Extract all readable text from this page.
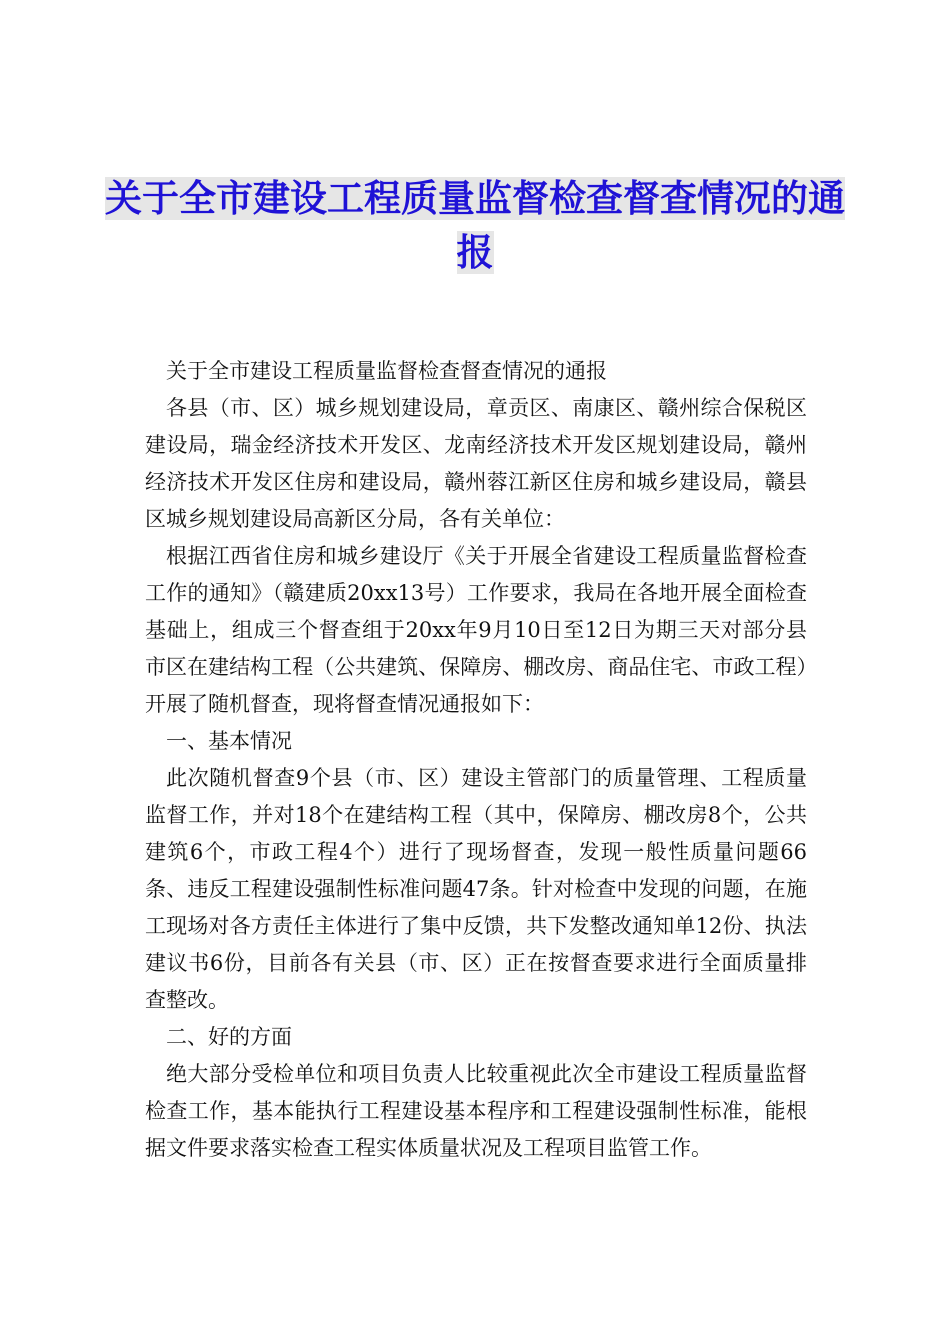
关于全市建设工程质量监督检查督查情况的通报

关于全市建设工程质量监督检查督查情况的通报

各县（市、区）城乡规划建设局，章贡区、南康区、赣州综合保税区建设局，瑞金经济技术开发区、龙南经济技术开发区规划建设局，赣州经济技术开发区住房和建设局，赣州蓉江新区住房和城乡建设局，赣县区城乡规划建设局高新区分局，各有关单位：

根据江西省住房和城乡建设厅《关于开展全省建设工程质量监督检查工作的通知》（赣建质20xx13号）工作要求，我局在各地开展全面检查基础上，组成三个督查组于20xx年9月10日至12日为期三天对部分县市区在建结构工程（公共建筑、保障房、棚改房、商品住宅、市政工程）开展了随机督查，现将督查情况通报如下：

一、基本情况

此次随机督查9个县（市、区）建设主管部门的质量管理、工程质量监督工作，并对18个在建结构工程（其中，保障房、棚改房8个，公共建筑6个，市政工程4个）进行了现场督查，发现一般性质量问题66条、违反工程建设强制性标准问题47条。针对检查中发现的问题，在施工现场对各方责任主体进行了集中反馈，共下发整改通知单12份、执法建议书6份，目前各有关县（市、区）正在按督查要求进行全面质量排查整改。

二、好的方面

绝大部分受检单位和项目负责人比较重视此次全市建设工程质量监督检查工作，基本能执行工程建设基本程序和工程建设强制性标准，能根据文件要求落实检查工程实体质量状况及工程项目监管工作。
